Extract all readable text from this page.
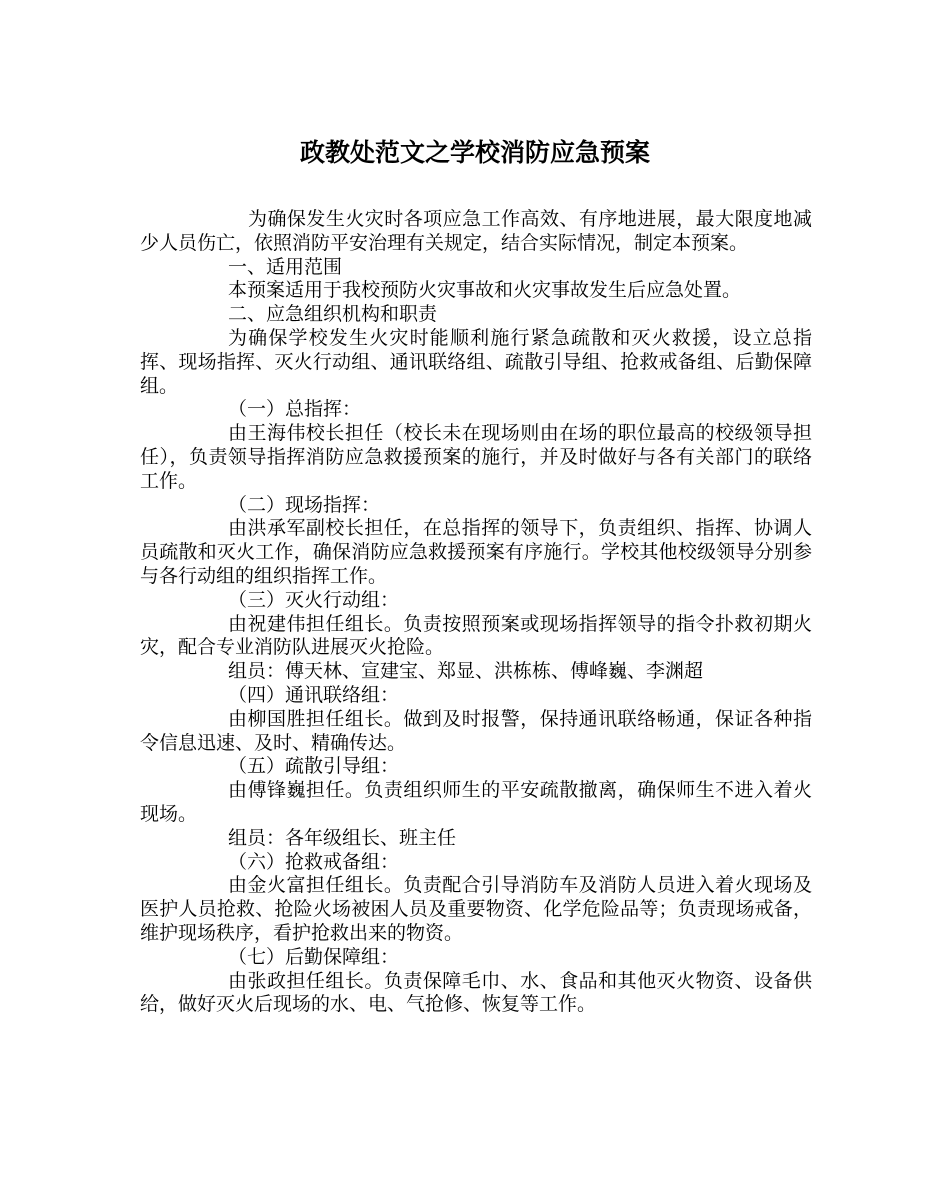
政教处范文之学校消防应急预案

为确保发生火灾时各项应急工作高效、有序地进展，最大限度地减少人员伤亡，依照消防平安治理有关规定，结合实际情况，制定本预案。

一、适用范围

本预案适用于我校预防火灾事故和火灾事故发生后应急处置。

二、应急组织机构和职责

为确保学校发生火灾时能顺利施行紧急疏散和灭火救援，设立总指挥、现场指挥、灭火行动组、通讯联络组、疏散引导组、抢救戒备组、后勤保障组。

（一）总指挥：

由王海伟校长担任（校长未在现场则由在场的职位最高的校级领导担任），负责领导指挥消防应急救援预案的施行，并及时做好与各有关部门的联络工作。

（二）现场指挥：

由洪承军副校长担任，在总指挥的领导下，负责组织、指挥、协调人员疏散和灭火工作，确保消防应急救援预案有序施行。学校其他校级领导分别参与各行动组的组织指挥工作。

（三）灭火行动组：

由祝建伟担任组长。负责按照预案或现场指挥领导的指令扑救初期火灾，配合专业消防队进展灭火抢险。

组员：傅天林、宣建宝、郑显、洪栋栋、傅峰巍、李渊超

（四）通讯联络组：

由柳国胜担任组长。做到及时报警，保持通讯联络畅通，保证各种指令信息迅速、及时、精确传达。

（五）疏散引导组：

由傅锋巍担任。负责组织师生的平安疏散撤离，确保师生不进入着火现场。

组员：各年级组长、班主任

（六）抢救戒备组：

由金火富担任组长。负责配合引导消防车及消防人员进入着火现场及医护人员抢救、抢险火场被困人员及重要物资、化学危险品等；负责现场戒备，维护现场秩序，看护抢救出来的物资。

（七）后勤保障组：

由张政担任组长。负责保障毛巾、水、食品和其他灭火物资、设备供给，做好灭火后现场的水、电、气抢修、恢复等工作。
